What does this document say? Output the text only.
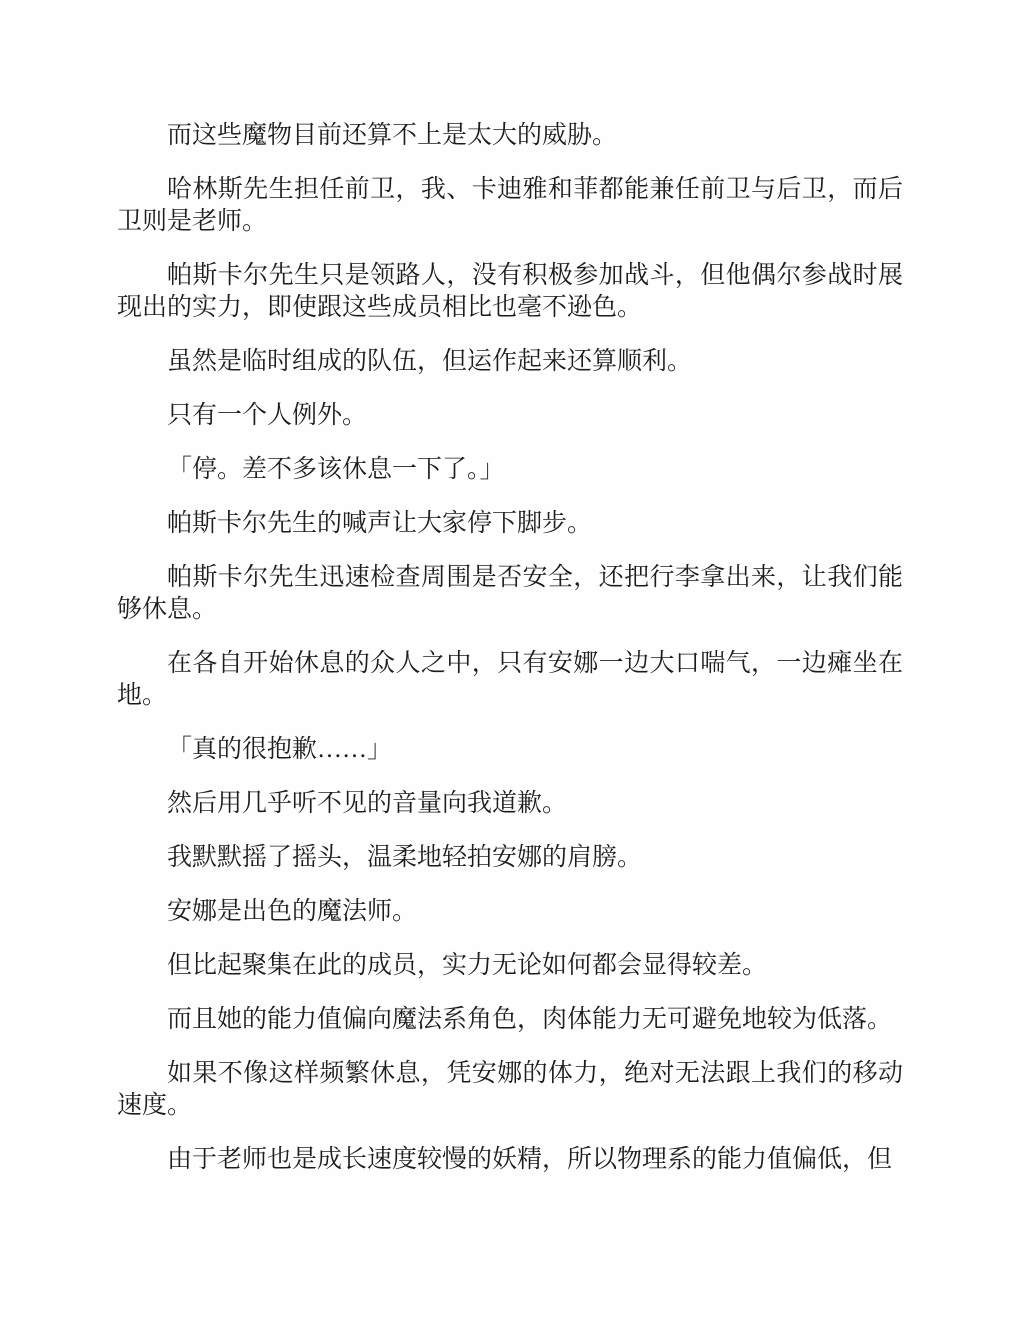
而这些魔物目前还算不上是太大的威胁。

哈林斯先生担任前卫，我、卡迪雅和菲都能兼任前卫与后卫，而后卫则是老师。

帕斯卡尔先生只是领路人，没有积极参加战斗，但他偶尔参战时展现出的实力，即使跟这些成员相比也毫不逊色。

虽然是临时组成的队伍，但运作起来还算顺利。

只有一个人例外。

「停。差不多该休息一下了。」

帕斯卡尔先生的喊声让大家停下脚步。

帕斯卡尔先生迅速检查周围是否安全，还把行李拿出来，让我们能够休息。

在各自开始休息的众人之中，只有安娜一边大口喘气，一边瘫坐在地。

「真的很抱歉……」

然后用几乎听不见的音量向我道歉。

我默默摇了摇头，温柔地轻拍安娜的肩膀。

安娜是出色的魔法师。

但比起聚集在此的成员，实力无论如何都会显得较差。

而且她的能力值偏向魔法系角色，肉体能力无可避免地较为低落。

如果不像这样频繁休息，凭安娜的体力，绝对无法跟上我们的移动速度。

由于老师也是成长速度较慢的妖精，所以物理系的能力值偏低，但
